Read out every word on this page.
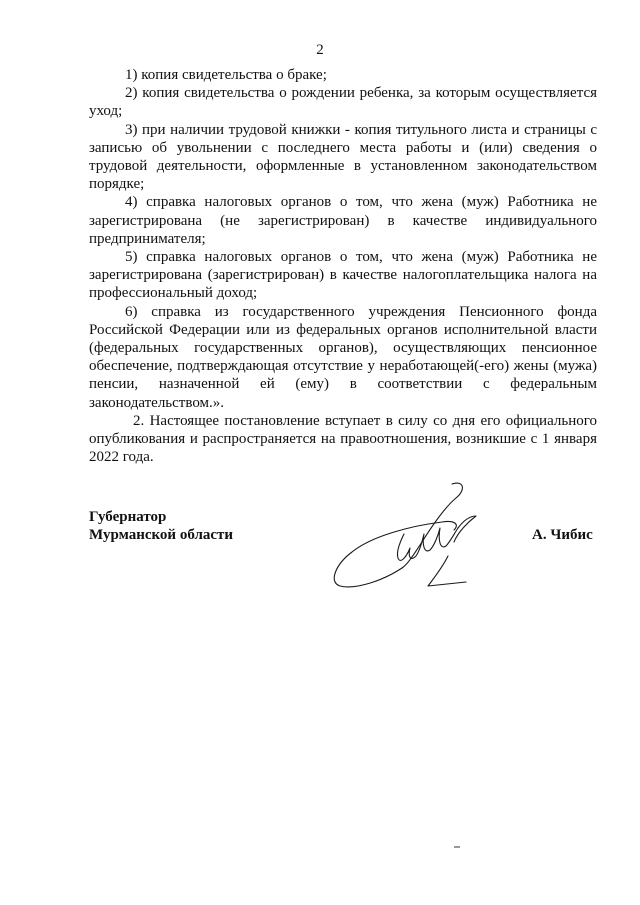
2

1) копия свидетельства о браке;

2) копия свидетельства о рождении ребенка, за которым осуществляется уход;

3) при наличии трудовой книжки - копия титульного листа и страницы с записью об увольнении с последнего места работы и (или) сведения о трудовой деятельности, оформленные в установленном законодательством порядке;

4) справка налоговых органов о том, что жена (муж) Работника не зарегистрирована (не зарегистрирован) в качестве индивидуального предпринимателя;

5) справка налоговых органов о том, что жена (муж) Работника не зарегистрирована (зарегистрирован) в качестве налогоплательщика налога на профессиональный доход;

6) справка из государственного учреждения Пенсионного фонда Российской Федерации или из федеральных органов исполнительной власти (федеральных государственных органов), осуществляющих пенсионное обеспечение, подтверждающая отсутствие у неработающей(-его) жены (мужа) пенсии, назначенной ей (ему) в соответствии с федеральным законодательством.».

2. Настоящее постановление вступает в силу со дня его официального опубликования и распространяется на правоотношения, возникшие с 1 января 2022 года.

Губернатор
Мурманской области	А. Чибис
